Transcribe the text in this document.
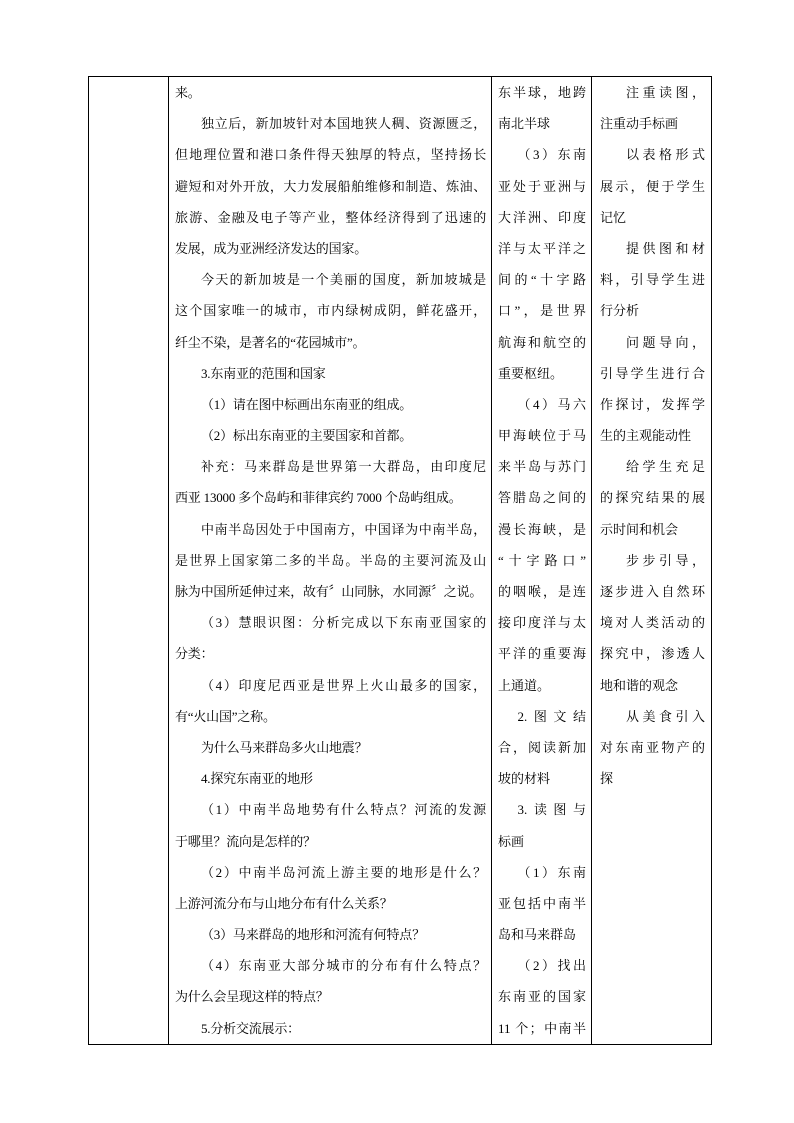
来。
独立后，新加坡针对本国地狭人稠、资源匮乏，
但地理位置和港口条件得天独厚的特点，坚持扬长
避短和对外开放，大力发展船舶维修和制造、炼油、
旅游、金融及电子等产业，整体经济得到了迅速的
发展，成为亚洲经济发达的国家。
今天的新加坡是一个美丽的国度，新加坡城是
这个国家唯一的城市，市内绿树成阴，鲜花盛开，
纤尘不染，是著名的“花园城市”。
3.东南亚的范围和国家
（1）请在图中标画出东南亚的组成。
（2）标出东南亚的主要国家和首都。
补充：马来群岛是世界第一大群岛，由印度尼
西亚 13000 多个岛屿和菲律宾约 7000 个岛屿组成。
中南半岛因处于中国南方，中国译为中南半岛，
是世界上国家第二多的半岛。半岛的主要河流及山
脉为中国所延伸过来，故有〞山同脉，水同源〞之说。
（3）慧眼识图：分析完成以下东南亚国家的
分类：
（4）印度尼西亚是世界上火山最多的国家，
有“火山国”之称。
为什么马来群岛多火山地震？
4.探究东南亚的地形
（1）中南半岛地势有什么特点？河流的发源
于哪里？流向是怎样的？
（2）中南半岛河流上游主要的地形是什么？
上游河流分布与山地分布有什么关系？
（3）马来群岛的地形和河流有何特点？
（4）东南亚大部分城市的分布有什么特点？
为什么会呈现这样的特点？
5.分析交流展示：

东半球，地跨
南北半球
（3）东南
亚处于亚洲与
大洋洲、印度
洋与太平洋之
间的“十字路
口”，是世界
航海和航空的
重要枢纽。
（4）马六
甲海峡位于马
来半岛与苏门
答腊岛之间的
漫长海峡，是
“十字路口”
的咽喉，是连
接印度洋与太
平洋的重要海
上通道。
2.图文结
合，阅读新加
坡的材料
3.读图与
标画
（1）东南
亚包括中南半
岛和马来群岛
（2）找出
东南亚的国家
11 个；中南半

注重读图，
注重动手标画
以表格形式
展示，便于学生
记忆
提供图和材
料，引导学生进
行分析
问题导向，
引导学生进行合
作探讨，发挥学
生的主观能动性
给学生充足
的探究结果的展
示时间和机会
步步引导，
逐步进入自然环
境对人类活动的
探究中，渗透人
地和谐的观念
从美食引入
对东南亚物产的
探
